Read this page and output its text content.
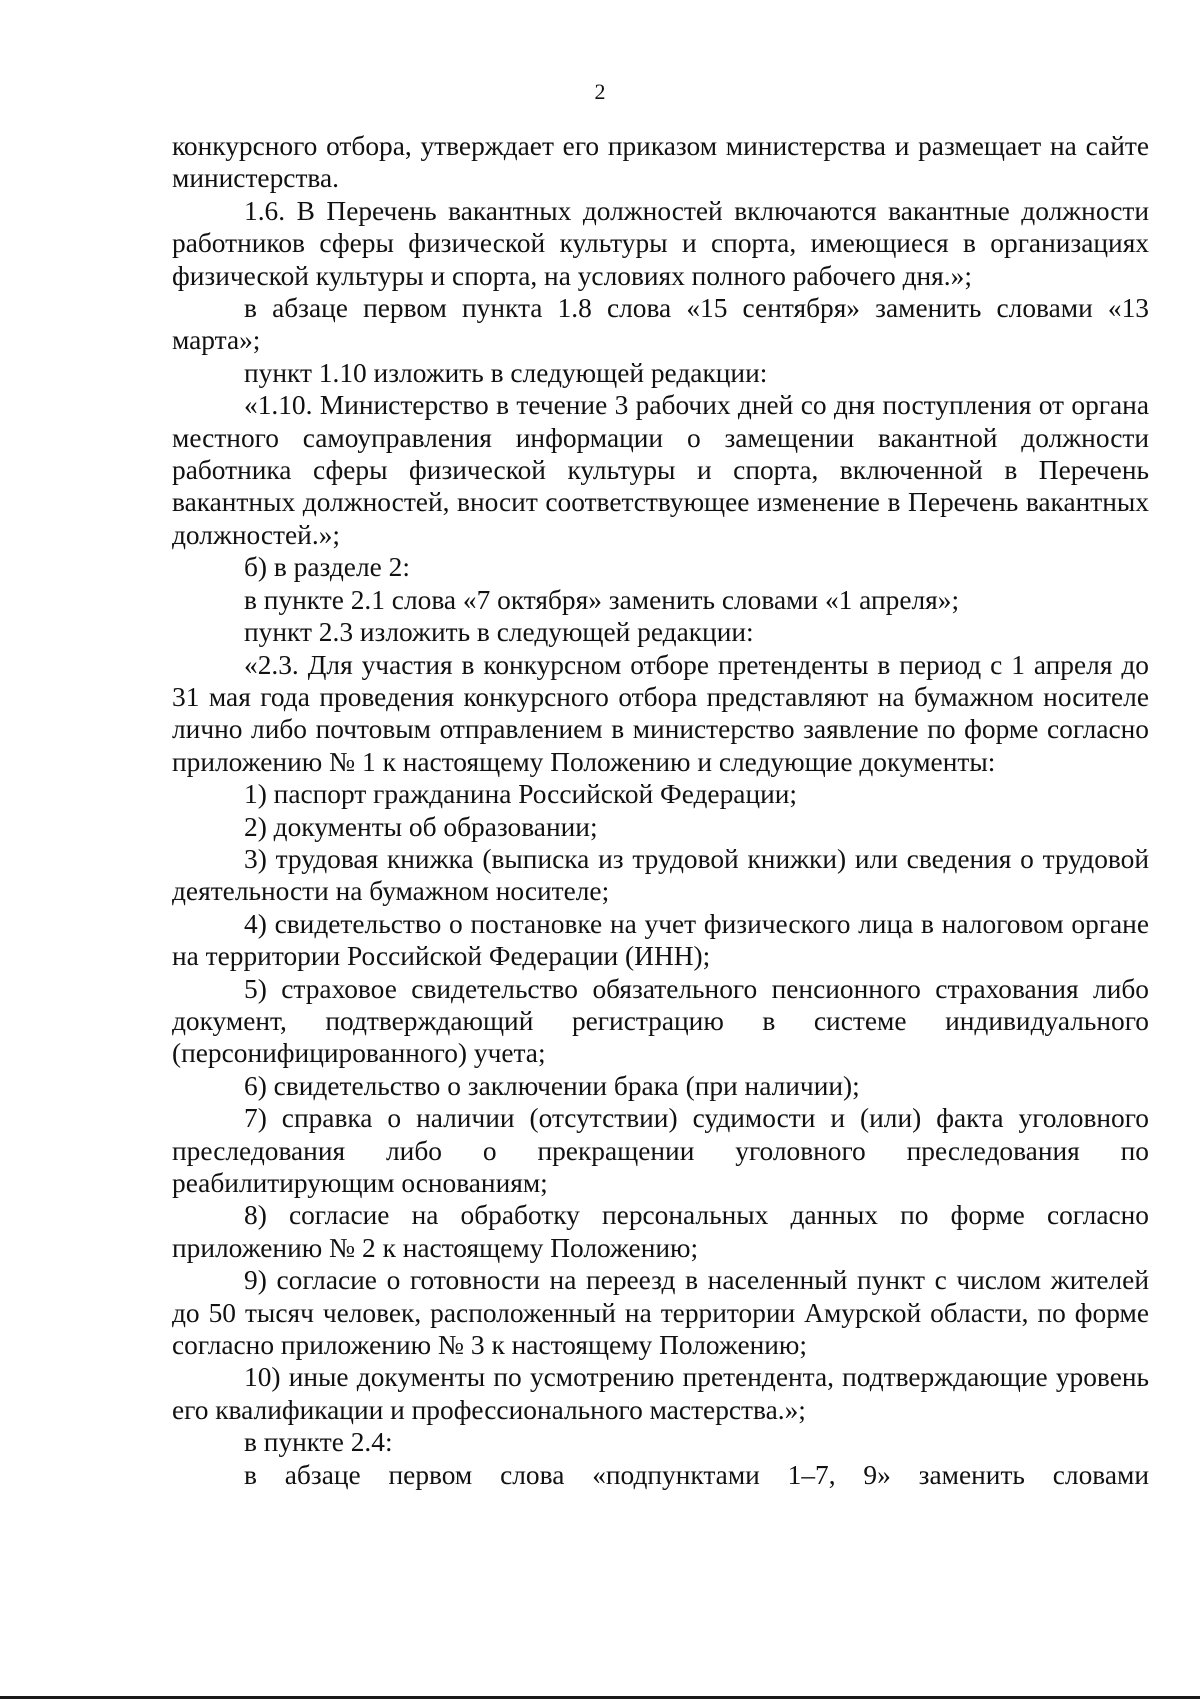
2

конкурсного отбора, утверждает его приказом министерства и размещает на сайте министерства.

1.6. В Перечень вакантных должностей включаются вакантные должности работников сферы физической культуры и спорта, имеющиеся в организациях физической культуры и спорта, на условиях полного рабочего дня.»;

в абзаце первом пункта 1.8 слова «15 сентября» заменить словами «13 марта»;

пункт 1.10 изложить в следующей редакции:

«1.10. Министерство в течение 3 рабочих дней со дня поступления от органа местного самоуправления информации о замещении вакантной должности работника сферы физической культуры и спорта, включенной в Перечень вакантных должностей, вносит соответствующее изменение в Перечень вакантных должностей.»;

б) в разделе 2:

в пункте 2.1 слова «7 октября» заменить словами «1 апреля»;

пункт 2.3 изложить в следующей редакции:

«2.3. Для участия в конкурсном отборе претенденты в период с 1 апреля до 31 мая года проведения конкурсного отбора представляют на бумажном носителе лично либо почтовым отправлением в министерство заявление по форме согласно приложению № 1 к настоящему Положению и следующие документы:

1) паспорт гражданина Российской Федерации;

2) документы об образовании;

3) трудовая книжка (выписка из трудовой книжки) или сведения о трудовой деятельности на бумажном носителе;

4) свидетельство о постановке на учет физического лица в налоговом органе на территории Российской Федерации (ИНН);

5) страховое свидетельство обязательного пенсионного страхования либо документ, подтверждающий регистрацию в системе индивидуального (персонифицированного) учета;

6) свидетельство о заключении брака (при наличии);

7) справка о наличии (отсутствии) судимости и (или) факта уголовного преследования либо о прекращении уголовного преследования по реабилитирующим основаниям;

8) согласие на обработку персональных данных по форме согласно приложению № 2 к настоящему Положению;

9) согласие о готовности на переезд в населенный пункт с числом жителей до 50 тысяч человек, расположенный на территории Амурской области, по форме согласно приложению № 3 к настоящему Положению;

10) иные документы по усмотрению претендента, подтверждающие уровень его квалификации и профессионального мастерства.»;

в пункте 2.4:

в абзаце первом слова «подпунктами 1–7, 9» заменить словами
